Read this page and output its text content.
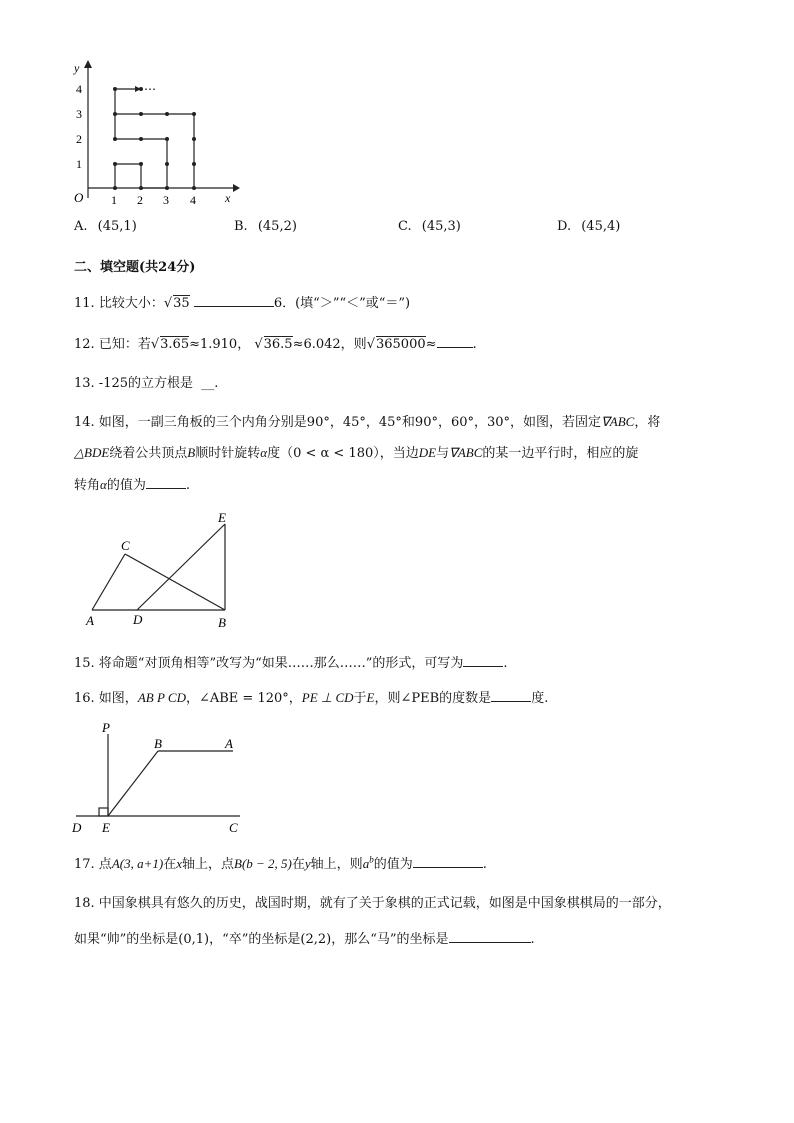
⋯
y
x
O
4
3
2
1
1 2 3 4
A. (45,1)	B. (45,2)	C. (45,3)	D. (45,4)
二、填空题(共24分)
11. 比较大小：√35	6．(填“＞”“＜”或“＝”)
12. 已知：若√3.65≈1.910， √36.5≈6.042，则√365000≈	.
13. -125的立方根是 __.
14. 如图，一副三角板的三个内角分别是90°，45°，45°和90°，60°，30°，如图，若固定∇ABC，将
△BDE绕着公共顶点B顺时针旋转α度（0 < α < 180），当边DE与∇ABC的某一边平行时，相应的旋
转角α的值为	.
E
C
A	D	B
15. 将命题“对顶角相等”改写为“如果……那么……”的形式，可写为	.
16. 如图，AB P CD，∠ABE = 120°，PE ⊥ CD于E，则∠PEB的度数是	度.
P
B	A
D E	C
17. 点A(3, a+1)在x轴上，点B(b − 2, 5)在y轴上，则$a^b$的值为	.
18. 中国象棋具有悠久的历史，战国时期，就有了关于象棋的正式记载，如图是中国象棋棋局的一部分，
如果“帅”的坐标是(0,1)，“卒”的坐标是(2,2)，那么“马”的坐标是	.
